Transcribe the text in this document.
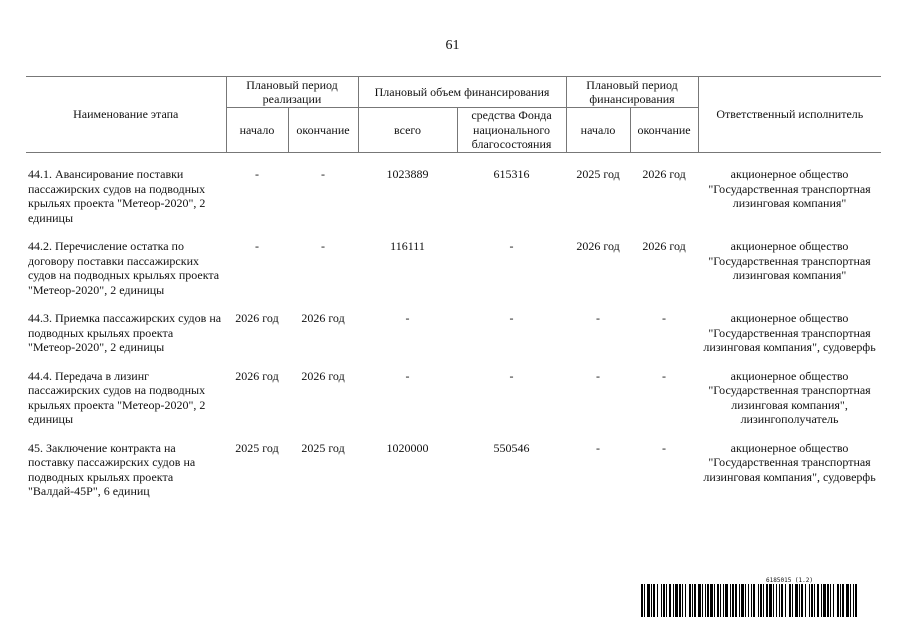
61
Наименование этапа	Плановый период реализации		Плановый объем финансирования		Плановый период финансирования		Ответственный исполнитель
	начало	окончание	всего	средства Фонда национального благосостояния	начало	окончание	

44.1. Авансирование поставки пассажирских судов на подводных крыльях проекта "Метеор-2020", 2 единицы	-	-	1023889	615316	2025 год	2026 год	акционерное общество "Государственная транспортная лизинговая компания"
44.2. Перечисление остатка по договору поставки пассажирских судов на подводных крыльях проекта "Метеор-2020", 2 единицы	-	-	116111	-	2026 год	2026 год	акционерное общество "Государственная транспортная лизинговая компания"
44.3. Приемка пассажирских судов на подводных крыльях проекта "Метеор-2020", 2 единицы	2026 год	2026 год	-	-	-	-	акционерное общество "Государственная транспортная лизинговая компания", судоверфь
44.4. Передача в лизинг пассажирских судов на подводных крыльях проекта "Метеор-2020", 2 единицы	2026 год	2026 год	-	-	-	-	акционерное общество "Государственная транспортная лизинговая компания", лизингополучатель
45. Заключение контракта на поставку пассажирских судов на подводных крыльях проекта "Валдай-45Р", 6 единиц	2025 год	2025 год	1020000	550546	-	-	акционерное общество "Государственная транспортная лизинговая компания", судоверфь
6185015 (1.2)
